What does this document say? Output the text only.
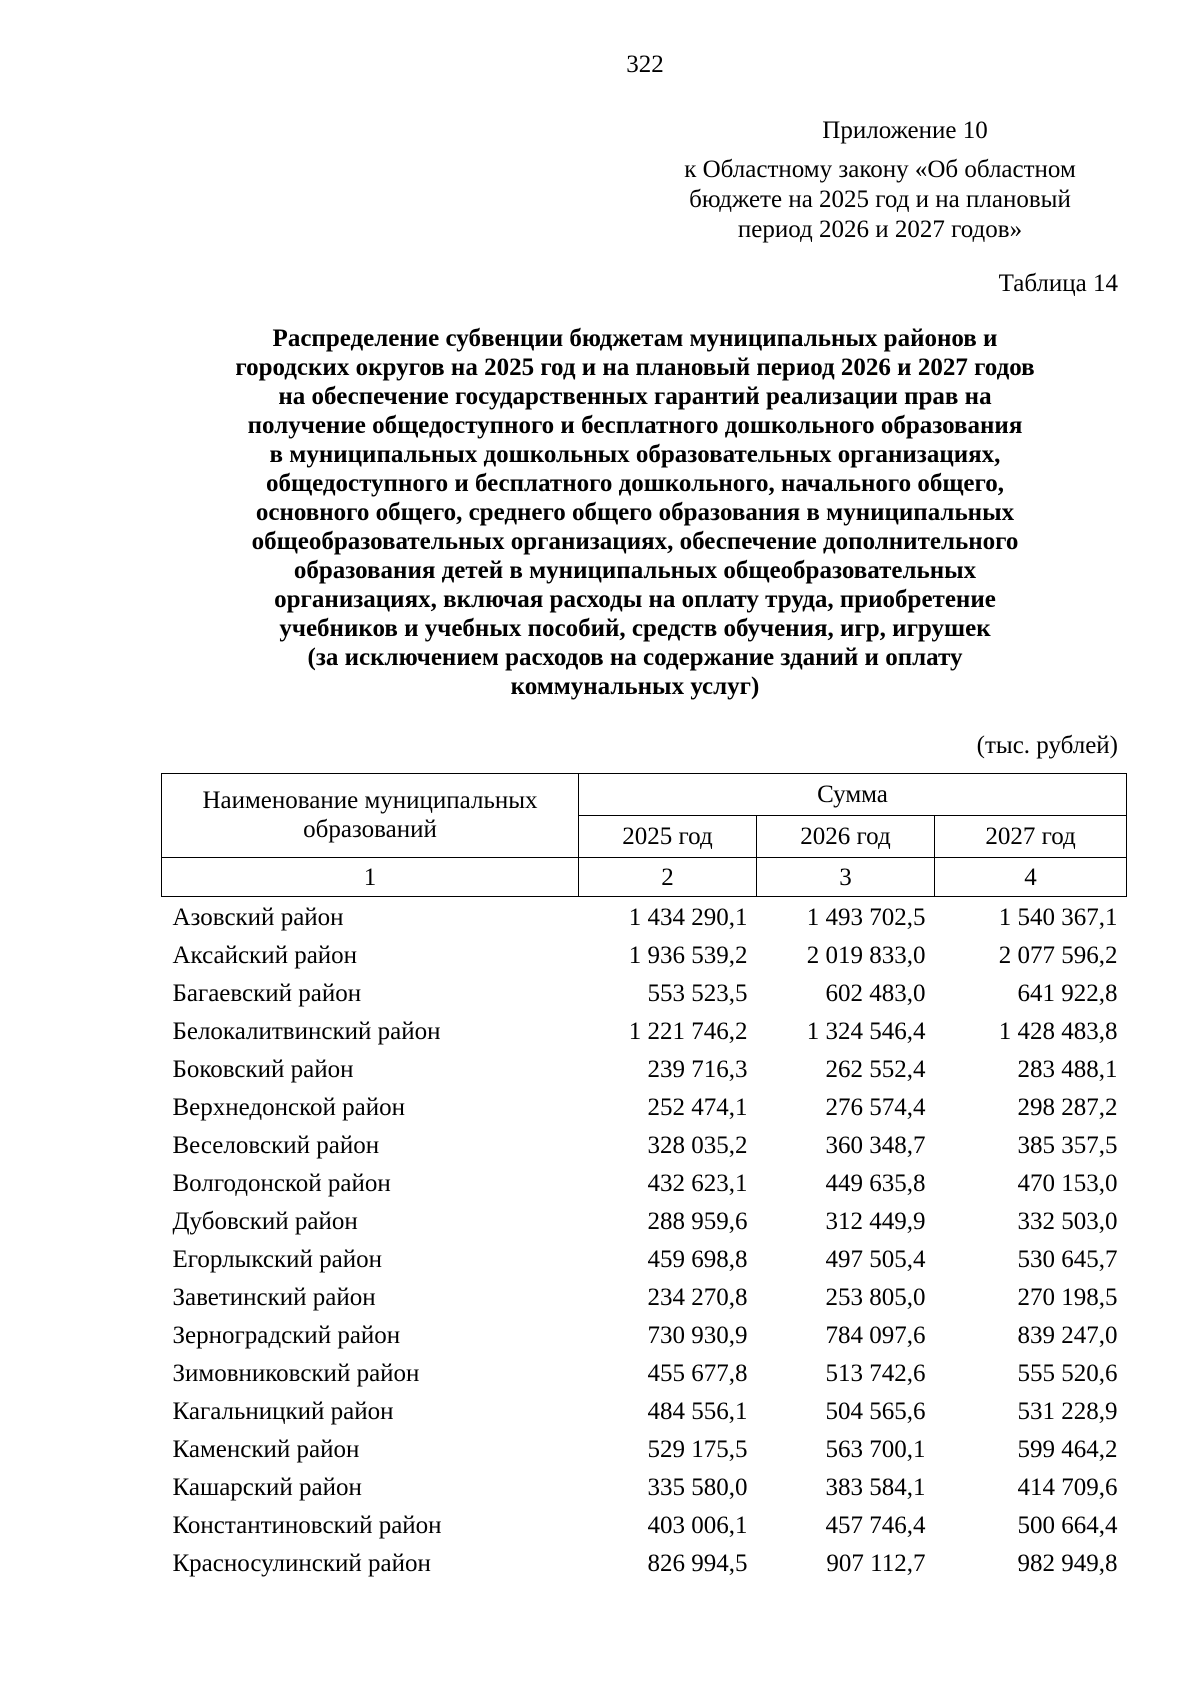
322
Приложение 10
к Областному закону «Об областном
бюджете на 2025 год и на плановый
период 2026 и 2027 годов»
Таблица 14
Распределение субвенции бюджетам муниципальных районов и
городских округов на 2025 год и на плановый период 2026 и 2027 годов
на обеспечение государственных гарантий реализации прав на
получение общедоступного и бесплатного дошкольного образования
в муниципальных дошкольных образовательных организациях,
общедоступного и бесплатного дошкольного, начального общего,
основного общего, среднего общего образования в муниципальных
общеобразовательных организациях, обеспечение дополнительного
образования детей в муниципальных общеобразовательных
организациях, включая расходы на оплату труда, приобретение
учебников и учебных пособий, средств обучения, игр, игрушек
(за исключением расходов на содержание зданий и оплату
коммунальных услуг)
(тыс. рублей)
Наименование муниципальных образований	Сумма		
	2025 год	2026 год	2027 год
1	2	3	4
Азовский район	1 434 290,1	1 493 702,5	1 540 367,1
Аксайский район	1 936 539,2	2 019 833,0	2 077 596,2
Багаевский район	553 523,5	602 483,0	641 922,8
Белокалитвинский район	1 221 746,2	1 324 546,4	1 428 483,8
Боковский район	239 716,3	262 552,4	283 488,1
Верхнедонской район	252 474,1	276 574,4	298 287,2
Веселовский район	328 035,2	360 348,7	385 357,5
Волгодонской район	432 623,1	449 635,8	470 153,0
Дубовский район	288 959,6	312 449,9	332 503,0
Егорлыкский район	459 698,8	497 505,4	530 645,7
Заветинский район	234 270,8	253 805,0	270 198,5
Зерноградский район	730 930,9	784 097,6	839 247,0
Зимовниковский район	455 677,8	513 742,6	555 520,6
Кагальницкий район	484 556,1	504 565,6	531 228,9
Каменский район	529 175,5	563 700,1	599 464,2
Кашарский район	335 580,0	383 584,1	414 709,6
Константиновский район	403 006,1	457 746,4	500 664,4
Красносулинский район	826 994,5	907 112,7	982 949,8
